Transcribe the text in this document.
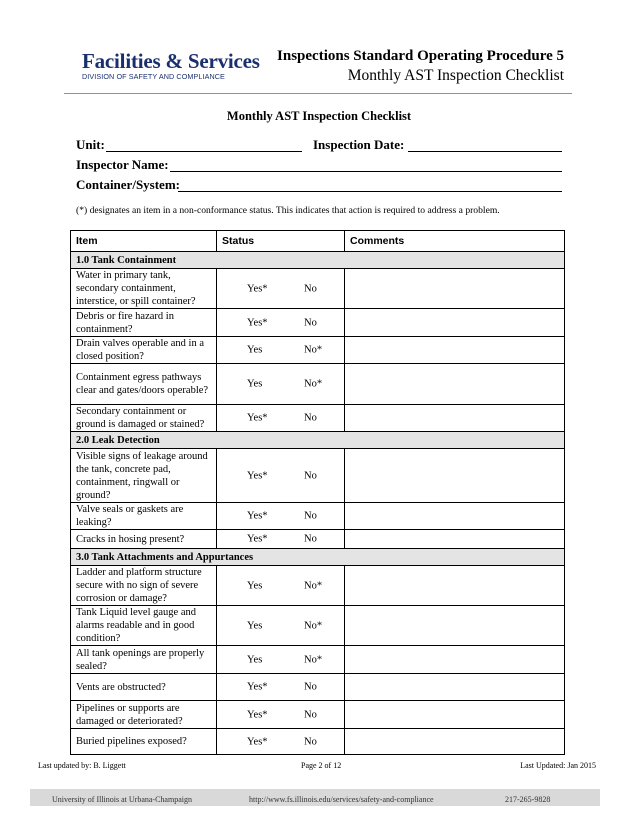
Facilities & Services
DIVISION OF SAFETY AND COMPLIANCE
Inspections Standard Operating Procedure 5
Monthly AST Inspection Checklist
Monthly AST Inspection Checklist
Unit:	Inspection Date:
Inspector Name:
Container/System:
(*) designates an item in a non-conformance status. This indicates that action is required to address a problem.
Item	Status	Comments
1.0 Tank Containment		
Water in primary tank, secondary containment, interstice, or spill container?	Yes* No	

Debris or fire hazard in containment?	Yes* No	

Drain valves operable and in a closed position?	Yes No*	

Containment egress pathways clear and gates/doors operable?	Yes No*	

Secondary containment or ground is damaged or stained?	Yes* No	

2.0 Leak Detection		
Visible signs of leakage around the tank, concrete pad, containment, ringwall or ground?	Yes* No	

Valve seals or gaskets are leaking?	Yes* No	

Cracks in hosing present?	Yes* No	

3.0 Tank Attachments and Appurtances		
Ladder and platform structure secure with no sign of severe corrosion or damage?	Yes No*	

Tank Liquid level gauge and alarms readable and in good condition?	Yes No*	

All tank openings are properly sealed?	Yes No*	

Vents are obstructed?	Yes* No	

Pipelines or supports are damaged or deteriorated?	Yes* No	

Buried pipelines exposed?	Yes* No	

Last updated by: B. Liggett	Page 2 of 12	Last Updated: Jan 2015
University of Illinois at Urbana-Champaign	http://www.fs.illinois.edu/services/safety-and-compliance	217-265-9828
